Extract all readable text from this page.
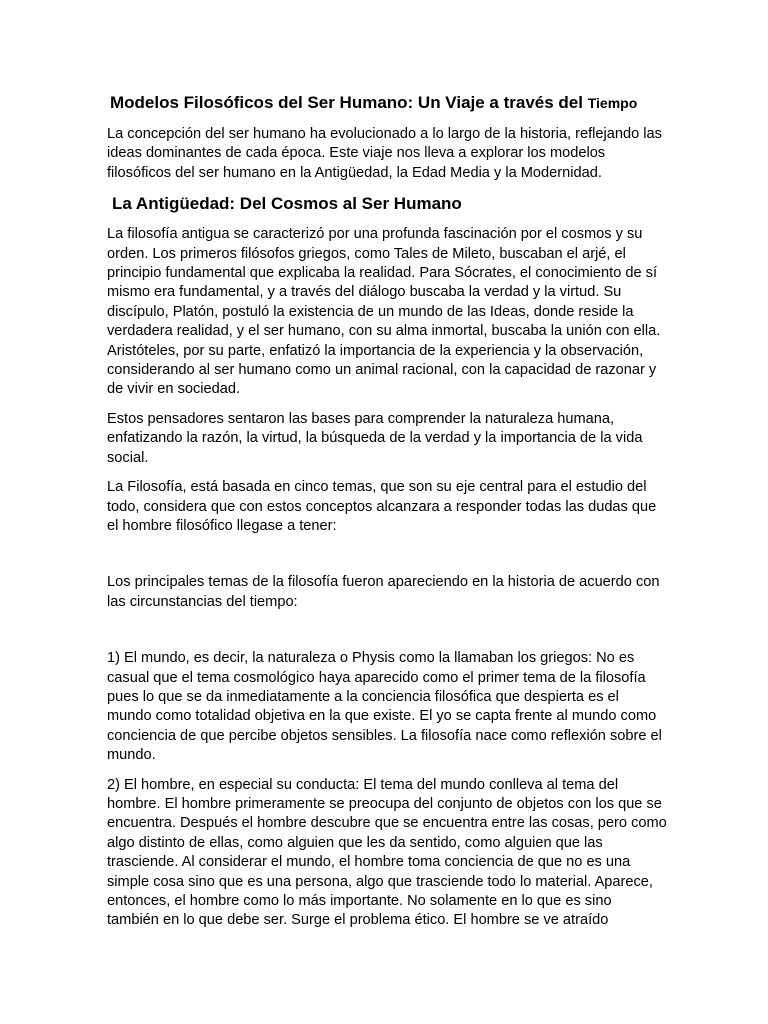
Modelos Filosóficos del Ser Humano: Un Viaje a través del Tiempo

La concepción del ser humano ha evolucionado a lo largo de la historia, reflejando las ideas dominantes de cada época. Este viaje nos lleva a explorar los modelos filosóficos del ser humano en la Antigüedad, la Edad Media y la Modernidad.

La Antigüedad: Del Cosmos al Ser Humano

La filosofía antigua se caracterizó por una profunda fascinación por el cosmos y su orden. Los primeros filósofos griegos, como Tales de Mileto, buscaban el arjé, el principio fundamental que explicaba la realidad. Para Sócrates, el conocimiento de sí mismo era fundamental, y a través del diálogo buscaba la verdad y la virtud. Su discípulo, Platón, postuló la existencia de un mundo de las Ideas, donde reside la verdadera realidad, y el ser humano, con su alma inmortal, buscaba la unión con ella. Aristóteles, por su parte, enfatizó la importancia de la experiencia y la observación, considerando al ser humano como un animal racional, con la capacidad de razonar y de vivir en sociedad.

Estos pensadores sentaron las bases para comprender la naturaleza humana, enfatizando la razón, la virtud, la búsqueda de la verdad y la importancia de la vida social.

La Filosofía, está basada en cinco temas, que son su eje central para el estudio del todo, considera que con estos conceptos alcanzara a responder todas las dudas que el hombre filosófico llegase a tener:

Los principales temas de la filosofía fueron apareciendo en la historia de acuerdo con las circunstancias del tiempo:

1) El mundo, es decir, la naturaleza o Physis como la llamaban los griegos: No es casual que el tema cosmológico haya aparecido como el primer tema de la filosofía pues lo que se da inmediatamente a la conciencia filosófica que despierta es el mundo como totalidad objetiva en la que existe. El yo se capta frente al mundo como conciencia de que percibe objetos sensibles. La filosofía nace como reflexión sobre el mundo.

2) El hombre, en especial su conducta: El tema del mundo conlleva al tema del hombre. El hombre primeramente se preocupa del conjunto de objetos con los que se encuentra. Después el hombre descubre que se encuentra entre las cosas, pero como algo distinto de ellas, como alguien que les da sentido, como alguien que las trasciende. Al considerar el mundo, el hombre toma conciencia de que no es una simple cosa sino que es una persona, algo que trasciende todo lo material. Aparece, entonces, el hombre como lo más importante. No solamente en lo que es sino también en lo que debe ser. Surge el problema ético. El hombre se ve atraído
